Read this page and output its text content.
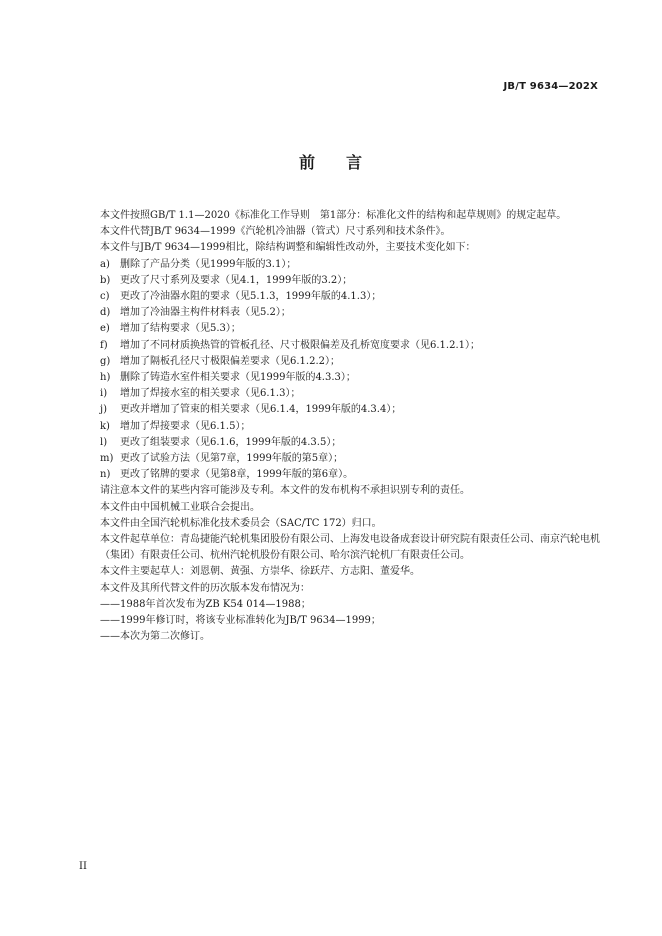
JB/T 9634—202X
前 言

本文件按照GB/T 1.1—2020《标准化工作导则　第1部分：标准化文件的结构和起草规则》的规定起草。

本文件代替JB/T 9634—1999《汽轮机冷油器（管式）尺寸系列和技术条件》。

本文件与JB/T 9634—1999相比，除结构调整和编辑性改动外，主要技术变化如下：

a) 删除了产品分类（见1999年版的3.1）；

b) 更改了尺寸系列及要求（见4.1，1999年版的3.2）；

c) 更改了冷油器水阻的要求（见5.1.3，1999年版的4.1.3）；

d) 增加了冷油器主构件材料表（见5.2）；

e) 增加了结构要求（见5.3）；

f) 增加了不同材质换热管的管板孔径、尺寸极限偏差及孔桥宽度要求（见6.1.2.1）；

g) 增加了隔板孔径尺寸极限偏差要求（见6.1.2.2）；

h) 删除了铸造水室件相关要求（见1999年版的4.3.3）；

i) 增加了焊接水室的相关要求（见6.1.3）；

j) 更改并增加了管束的相关要求（见6.1.4，1999年版的4.3.4）；

k) 增加了焊接要求（见6.1.5）；

l) 更改了组装要求（见6.1.6，1999年版的4.3.5）；

m) 更改了试验方法（见第7章，1999年版的第5章）；

n) 更改了铭牌的要求（见第8章，1999年版的第6章）。

请注意本文件的某些内容可能涉及专利。本文件的发布机构不承担识别专利的责任。

本文件由中国机械工业联合会提出。

本文件由全国汽轮机标准化技术委员会（SAC/TC 172）归口。

本文件起草单位：青岛捷能汽轮机集团股份有限公司、上海发电设备成套设计研究院有限责任公司、南京汽轮电机（集团）有限责任公司、杭州汽轮机股份有限公司、哈尔滨汽轮机厂有限责任公司。

本文件主要起草人：刘恩朝、黄强、方崇华、徐跃芹、方志阳、董爱华。

本文件及其所代替文件的历次版本发布情况为：

——1988年首次发布为ZB K54 014—1988；

——1999年修订时，将该专业标准转化为JB/T 9634—1999；

——本次为第二次修订。

II
